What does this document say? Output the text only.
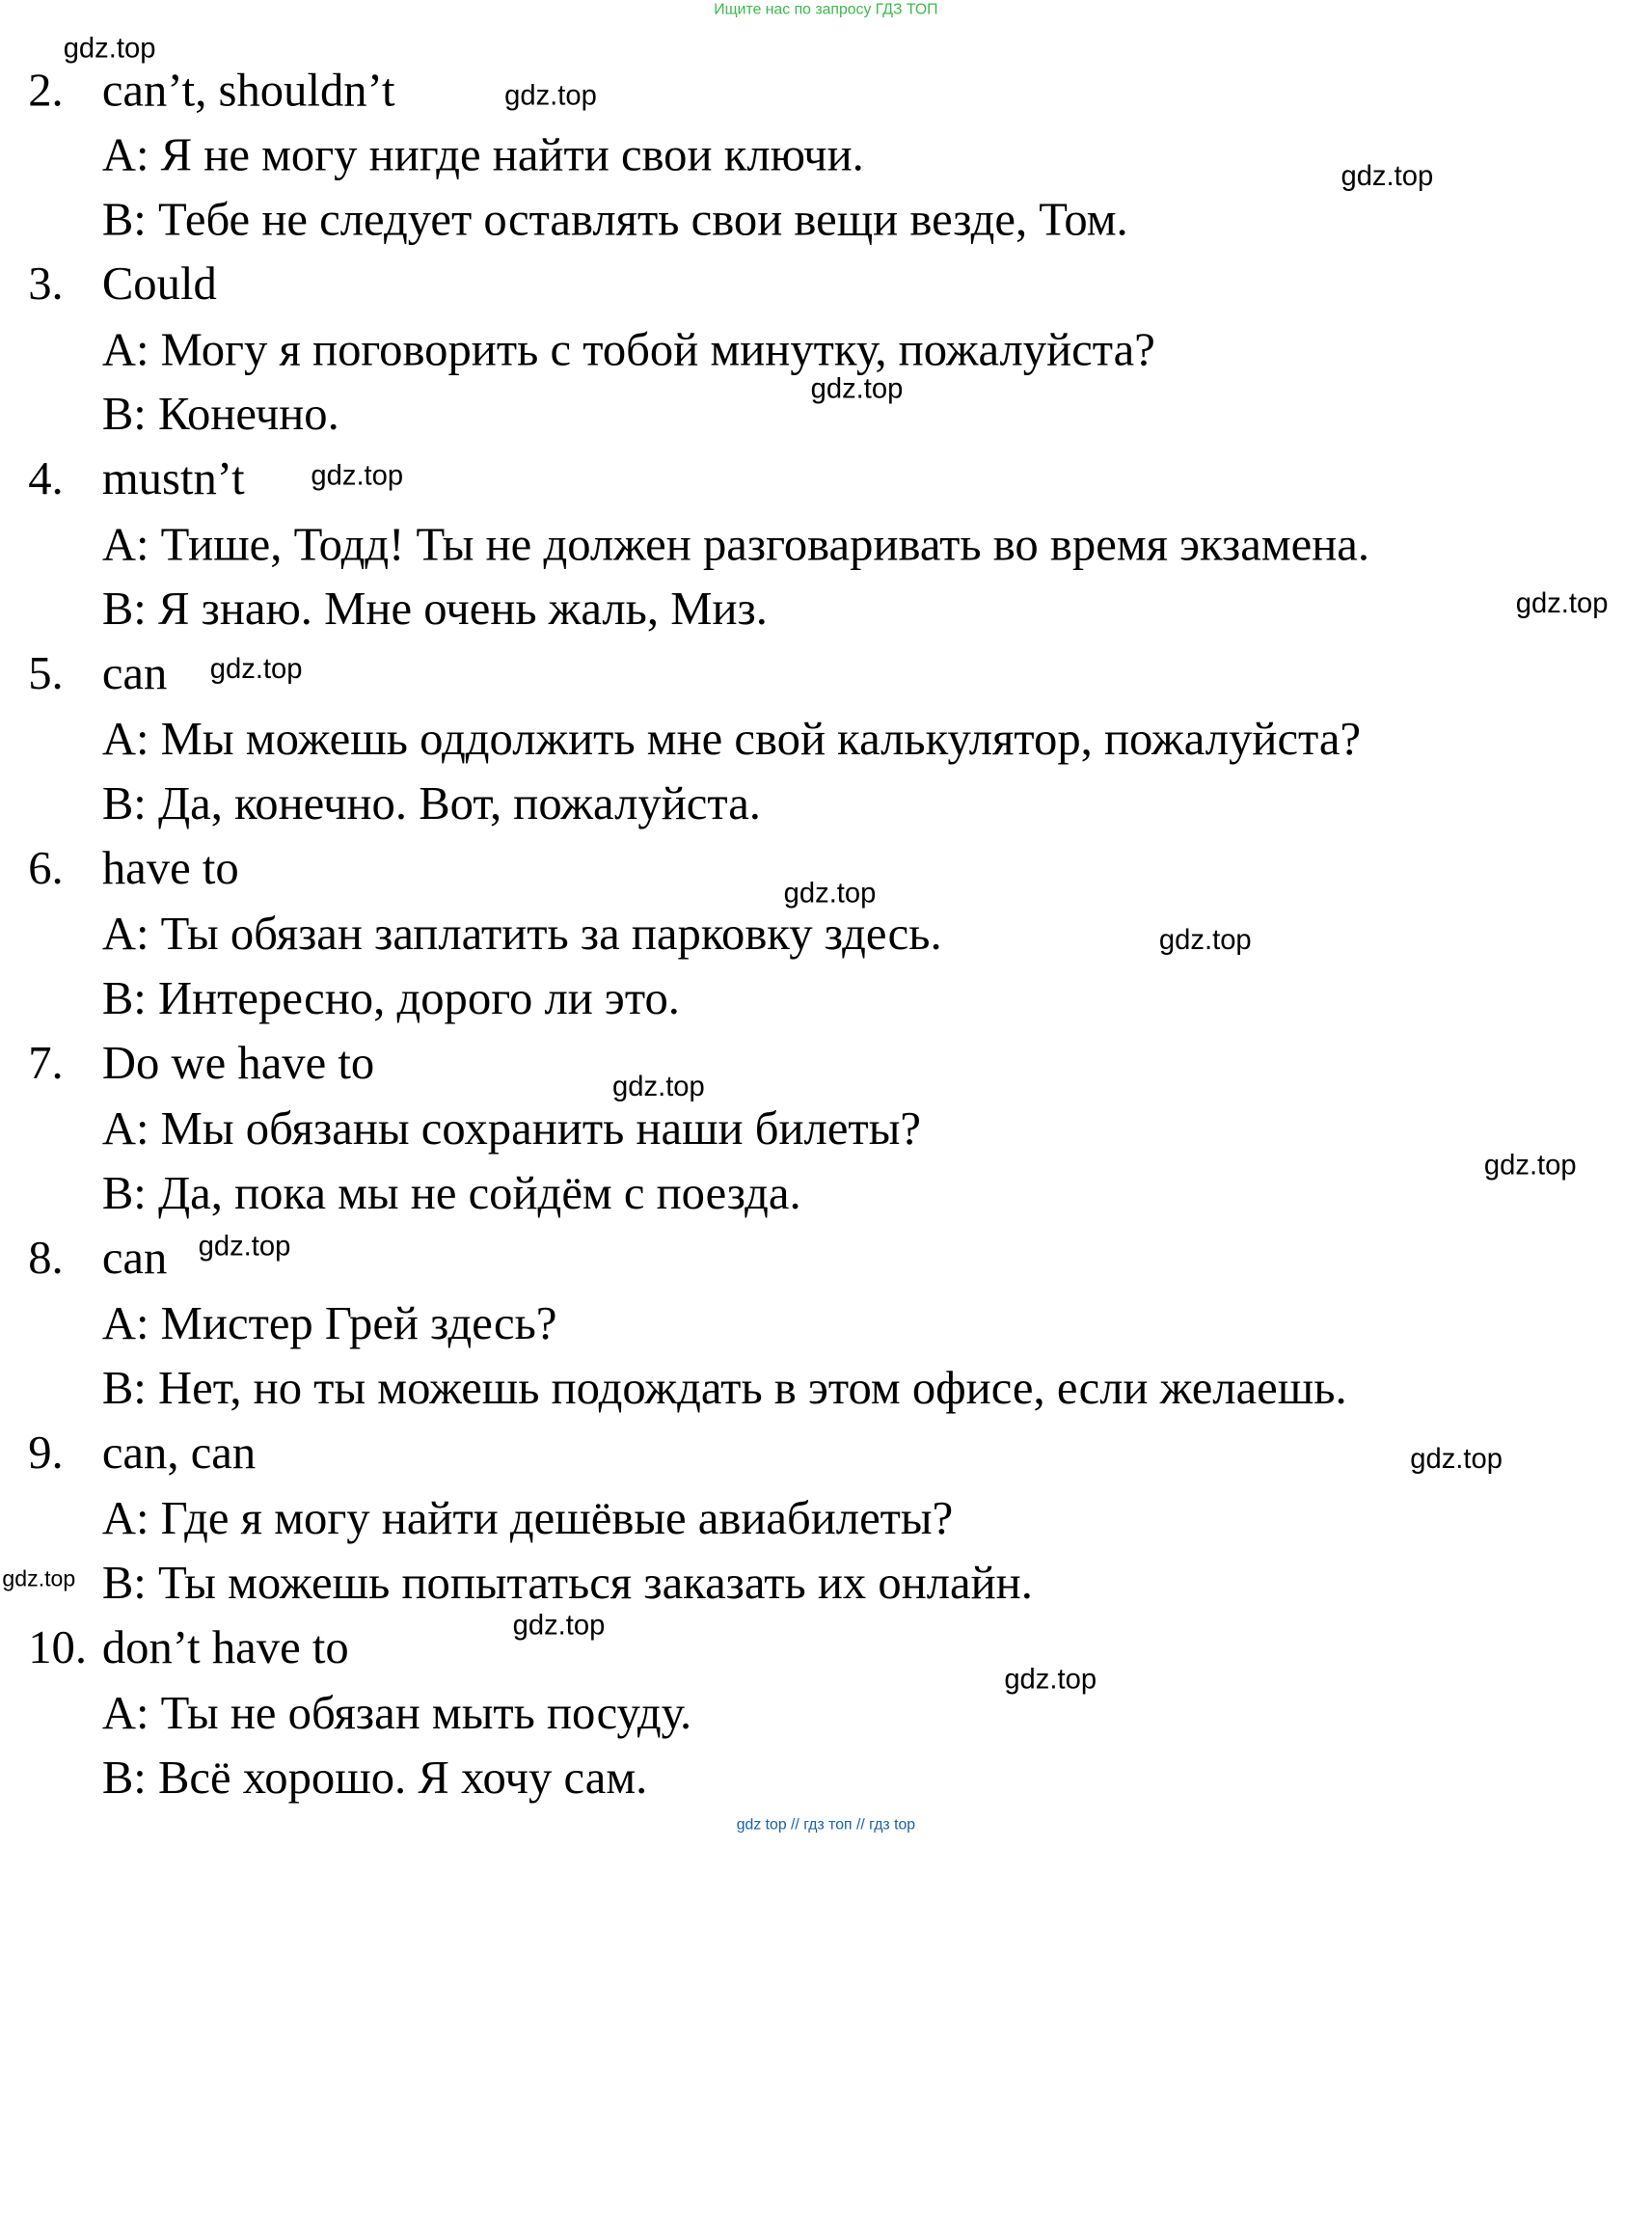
Ищите нас по запросу ГДЗ ТОП
2. can’t, shouldn’t
A: Я не могу нигде найти свои ключи.
B: Тебе не следует оставлять свои вещи везде, Том.
3. Could
A: Могу я поговорить с тобой минутку, пожалуйста?
B: Конечно.
4. mustn’t
A: Тише, Тодд! Ты не должен разговаривать во время экзамена.
B: Я знаю. Мне очень жаль, Миз.
5. can
A: Мы можешь оддолжить мне свой калькулятор, пожалуйста?
B: Да, конечно. Вот, пожалуйста.
6. have to
A: Ты обязан заплатить за парковку здесь.
B: Интересно, дорого ли это.
7. Do we have to
A: Мы обязаны сохранить наши билеты?
B: Да, пока мы не сойдём с поезда.
8. can
A: Мистер Грей здесь?
B: Нет, но ты можешь подождать в этом офисе, если желаешь.
9. can, can
A: Где я могу найти дешёвые авиабилеты?
B: Ты можешь попытаться заказать их онлайн.
10. don’t have to
A: Ты не обязан мыть посуду.
B: Всё хорошо. Я хочу сам.
gdz.top
gdz.top
gdz.top
gdz.top
gdz.top
gdz.top
gdz.top
gdz.top
gdz.top
gdz.top
gdz.top
gdz.top
gdz.top
gdz.top
gdz.top
gdz.top
gdz top // гдз топ // гдз top
